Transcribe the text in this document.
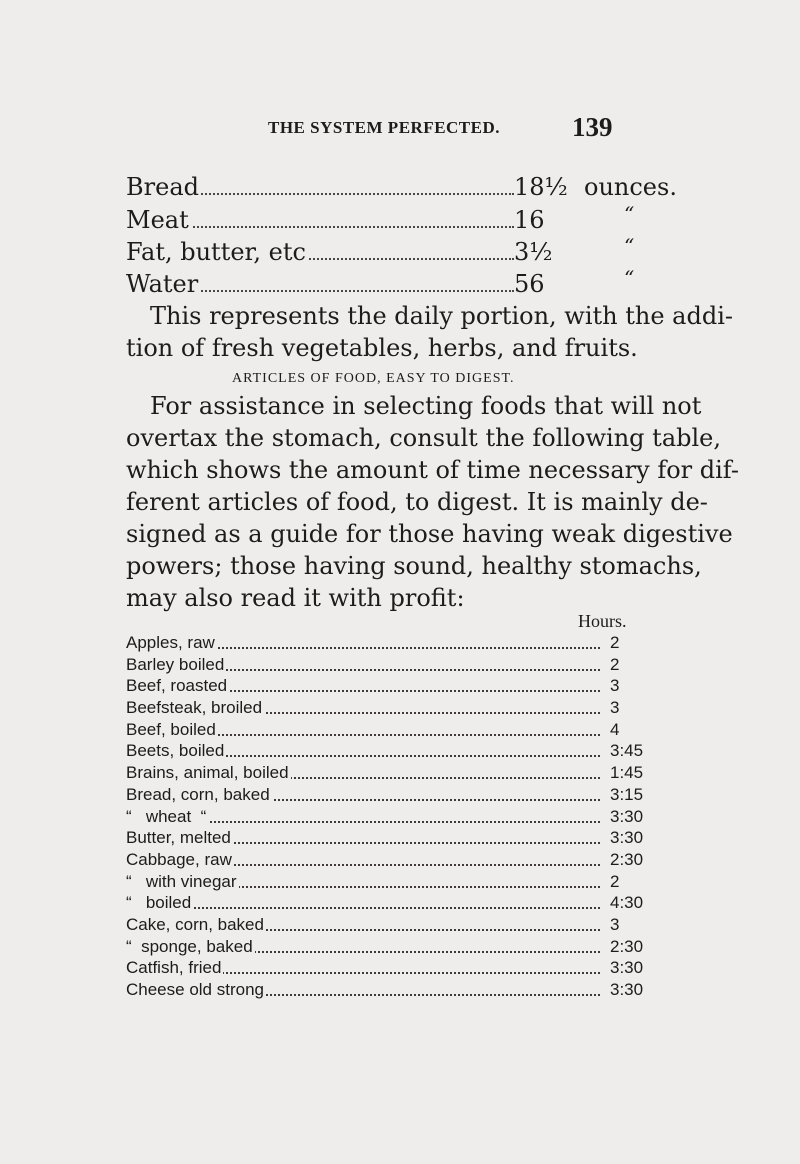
THE SYSTEM PERFECTED.	139
Bread	18½ ounces.
Meat	16	“
Fat, butter, etc	3½	“
Water	56	“
This represents the daily portion, with the addi-
tion of fresh vegetables, herbs, and fruits.
ARTICLES OF FOOD, EASY TO DIGEST.
For assistance in selecting foods that will not
overtax the stomach, consult the following table,
which shows the amount of time necessary for dif-
ferent articles of food, to digest. It is mainly de-
signed as a guide for those having weak digestive
powers; those having sound, healthy stomachs,
may also read it with profit:
Hours.
Apples, raw	2
Barley boiled	2
Beef, roasted	3
Beefsteak, broiled	3
Beef, boiled	4
Beets, boiled	3:45
Brains, animal, boiled	1:45
Bread, corn, baked	3:15
“   wheat  “	3:30
Butter, melted	3:30
Cabbage, raw	2:30
“   with vinegar	2
“   boiled	4:30
Cake, corn, baked	3
“  sponge, baked	2:30
Catfish, fried	3:30
Cheese old strong	3:30
